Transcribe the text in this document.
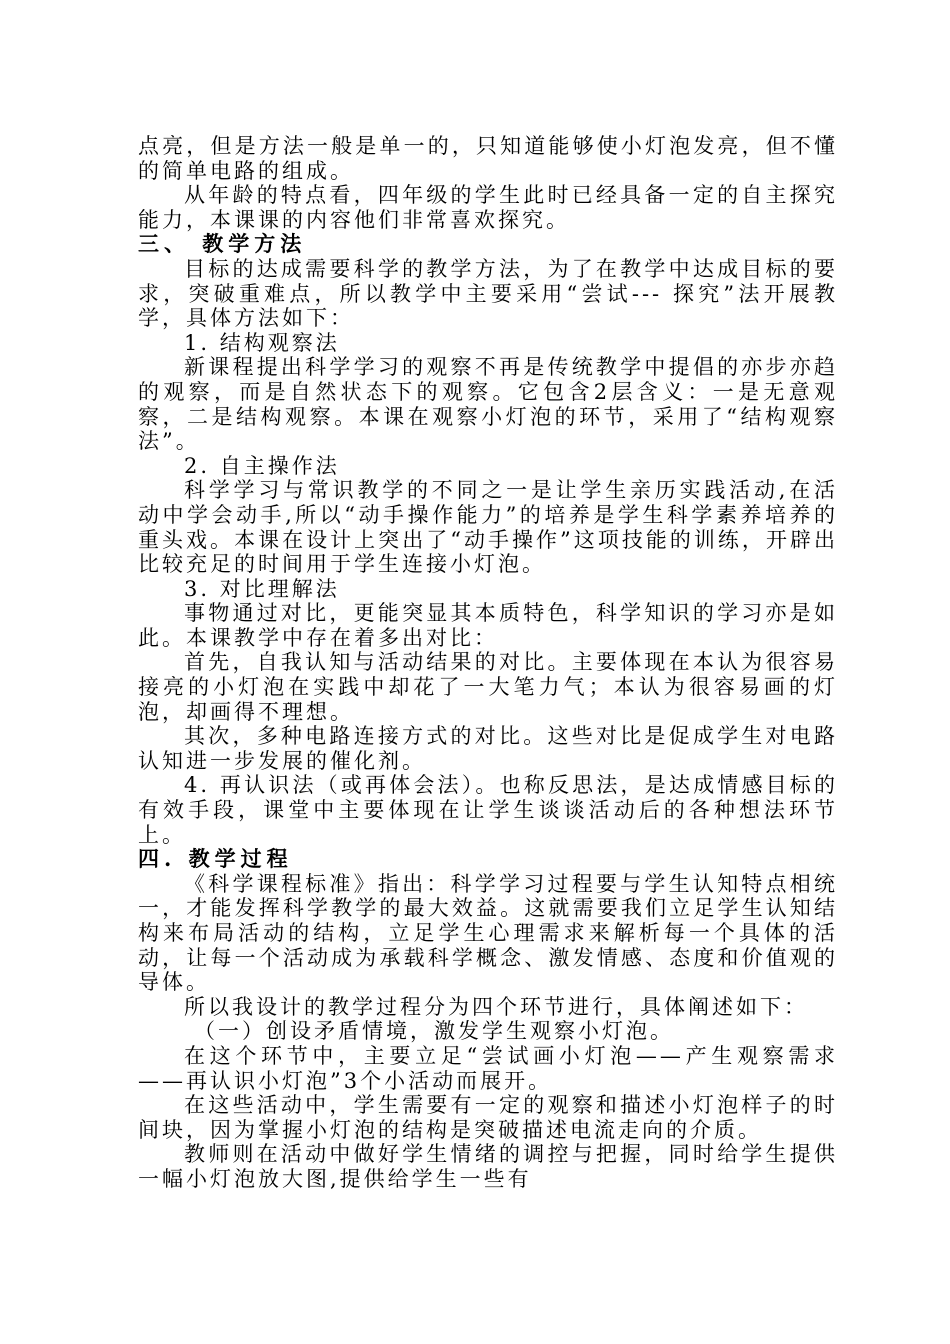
点亮，但是方法一般是单一的，只知道能够使小灯泡发亮，但不懂的简单电路的组成。

从年龄的特点看，四年级的学生此时已经具备一定的自主探究能力，本课课的内容他们非常喜欢探究。

三、 教学方法

目标的达成需要科学的教学方法，为了在教学中达成目标的要求，突破重难点，所以教学中主要采用“尝试--- 探究”法开展教学，具体方法如下：

1. 结构观察法

新课程提出科学学习的观察不再是传统教学中提倡的亦步亦趋的观察，而是自然状态下的观察。它包含2层含义：一是无意观察，二是结构观察。本课在观察小灯泡的环节，采用了“结构观察法”。

2. 自主操作法

科学学习与常识教学的不同之一是让学生亲历实践活动,在活动中学会动手,所以“动手操作能力”的培养是学生科学素养培养的重头戏。本课在设计上突出了“动手操作”这项技能的训练，开辟出比较充足的时间用于学生连接小灯泡。

3. 对比理解法

事物通过对比，更能突显其本质特色，科学知识的学习亦是如此。本课教学中存在着多出对比：

首先，自我认知与活动结果的对比。主要体现在本认为很容易接亮的小灯泡在实践中却花了一大笔力气；本认为很容易画的灯泡，却画得不理想。

其次，多种电路连接方式的对比。这些对比是促成学生对电路认知进一步发展的催化剂。

4. 再认识法（或再体会法）。也称反思法，是达成情感目标的有效手段，课堂中主要体现在让学生谈谈活动后的各种想法环节上。

四. 教学过程

《科学课程标准》指出：科学学习过程要与学生认知特点相统一，才能发挥科学教学的最大效益。这就需要我们立足学生认知结构来布局活动的结构，立足学生心理需求来解析每一个具体的活动，让每一个活动成为承载科学概念、激发情感、态度和价值观的导体。

所以我设计的教学过程分为四个环节进行，具体阐述如下：

（一）创设矛盾情境，激发学生观察小灯泡。

在这个环节中，主要立足“尝试画小灯泡——产生观察需求——再认识小灯泡”3个小活动而展开。

在这些活动中，学生需要有一定的观察和描述小灯泡样子的时间块，因为掌握小灯泡的结构是突破描述电流走向的介质。

教师则在活动中做好学生情绪的调控与把握，同时给学生提供一幅小灯泡放大图,提供给学生一些有
